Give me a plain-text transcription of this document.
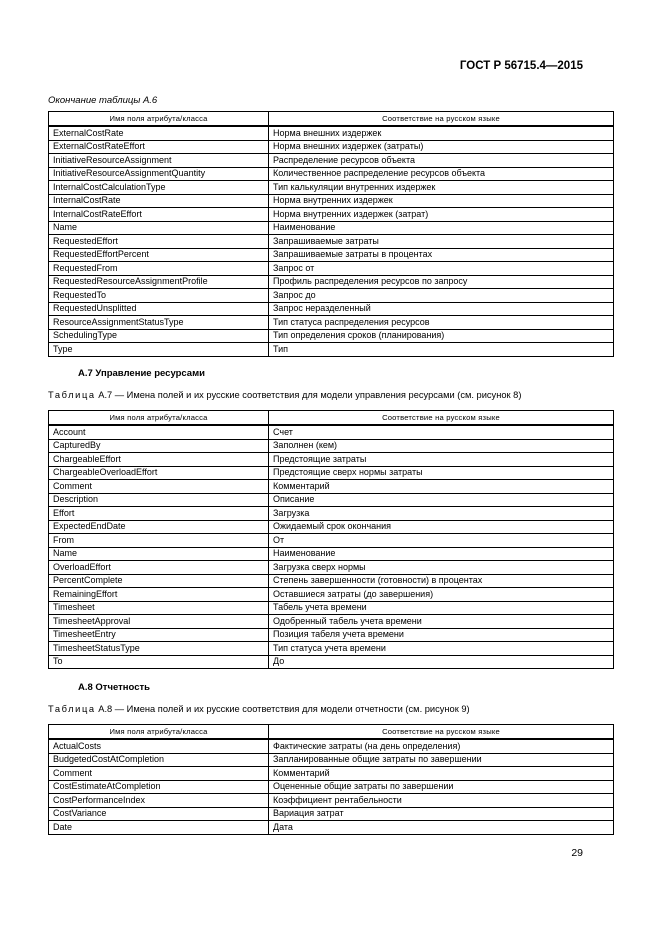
ГОСТ Р 56715.4—2015
Окончание таблицы А.6
Имя поля атрибута/класса	Соответствие на русском языке
ExternalCostRate	Норма внешних издержек
ExternalCostRateEffort	Норма внешних издержек (затраты)
InitiativeResourceAssignment	Распределение ресурсов объекта
InitiativeResourceAssignmentQuantity	Количественное распределение ресурсов объекта
InternalCostCalculationType	Тип калькуляции внутренних издержек
InternalCostRate	Норма внутренних издержек
InternalCostRateEffort	Норма внутренних издержек (затрат)
Name	Наименование
RequestedEffort	Запрашиваемые затраты
RequestedEffortPercent	Запрашиваемые затраты в процентах
RequestedFrom	Запрос от
RequestedResourceAssignmentProfile	Профиль распределения ресурсов по запросу
RequestedTo	Запрос до
RequestedUnsplitted	Запрос неразделенный
ResourceAssignmentStatusType	Тип статуса распределения ресурсов
SchedulingType	Тип определения сроков (планирования)
Type	Тип
А.7 Управление ресурсами
Таблица А.7 — Имена полей и их русские соответствия для модели управления ресурсами (см. рисунок 8)
Имя поля атрибута/класса	Соответствие на русском языке
Account	Счет
CapturedBy	Заполнен (кем)
ChargeableEffort	Предстоящие затраты
ChargeableOverloadEffort	Предстоящие сверх нормы затраты
Comment	Комментарий
Description	Описание
Effort	Загрузка
ExpectedEndDate	Ожидаемый срок окончания
From	От
Name	Наименование
OverloadEffort	Загрузка сверх нормы
PercentComplete	Степень завершенности (готовности) в процентах
RemainingEffort	Оставшиеся затраты (до завершения)
Timesheet	Табель учета времени
TimesheetApproval	Одобренный табель учета времени
TimesheetEntry	Позиция табеля учета времени
TimesheetStatusType	Тип статуса учета времени
To	До
А.8 Отчетность
Таблица А.8 — Имена полей и их русские соответствия для модели отчетности (см. рисунок 9)
Имя поля атрибута/класса	Соответствие на русском языке
ActualCosts	Фактические затраты (на день определения)
BudgetedCostAtCompletion	Запланированные общие затраты по завершении
Comment	Комментарий
CostEstimateAtCompletion	Оцененные общие затраты по завершении
CostPerformanceIndex	Коэффициент рентабельности
CostVariance	Вариация затрат
Date	Дата
29
